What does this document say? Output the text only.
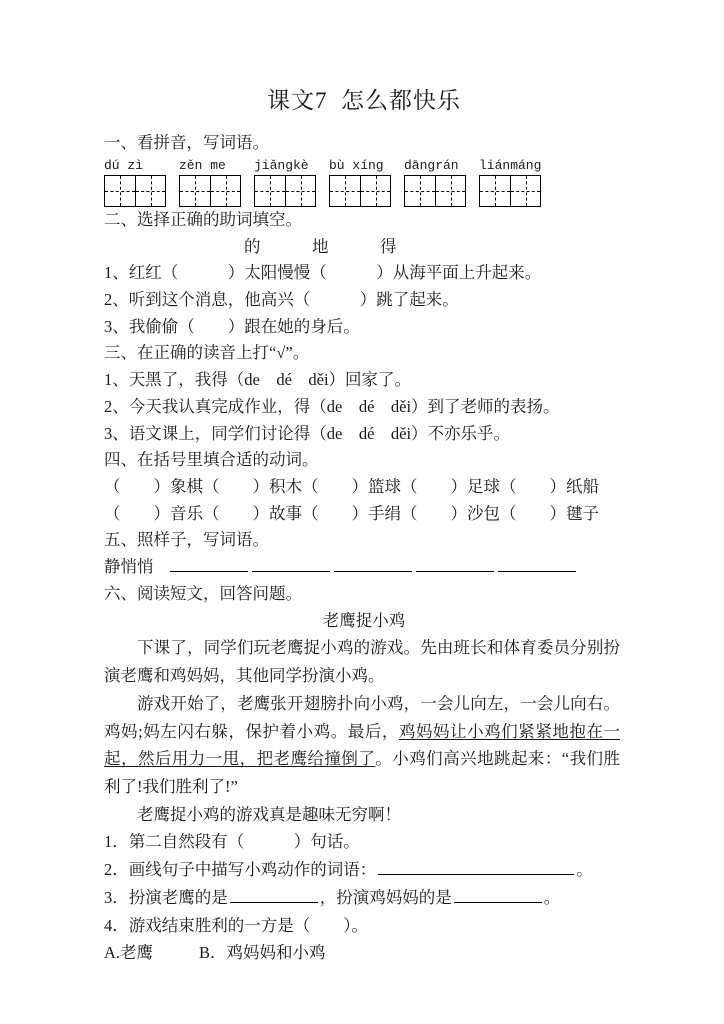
课文7 怎么都快乐
一、看拼音，写词语。
dú zì	zěn me jiǎngkè bù xíng dāngrán liánmáng
二、选择正确的助词填空。
的	地	得
1、红红（　　　）太阳慢慢（　　　）从海平面上升起来。
2、听到这个消息，他高兴（　　　）跳了起来。
3、我偷偷（　　）跟在她的身后。
三、在正确的读音上打“√”。
1、天黑了，我得（de　dé　děi）回家了。
2、今天我认真完成作业，得（de　dé　děi）到了老师的表扬。
3、语文课上，同学们讨论得（de　dé　děi）不亦乐乎。
四、在括号里填合适的动词。
（　　）象棋（　　）积木（　　）篮球（　　）足球（　　）纸船
（　　）音乐（　　）故事（　　）手绢（　　）沙包（　　）毽子
五、照样子，写词语。
静悄悄
六、阅读短文，回答问题。
老鹰捉小鸡
下课了，同学们玩老鹰捉小鸡的游戏。先由班长和体育委员分别扮演老鹰和鸡妈妈，其他同学扮演小鸡。
游戏开始了，老鹰张开翅膀扑向小鸡，一会儿向左，一会儿向右。鸡妈;妈左闪右躲，保护着小鸡。最后，鸡妈妈让小鸡们紧紧地抱在一起，然后用力一甩，把老鹰给撞倒了。小鸡们高兴地跳起来：“我们胜利了!我们胜利了!”
老鹰捉小鸡的游戏真是趣味无穷啊！
1．第二自然段有（　　　）句话。
2．画线句子中描写小鸡动作的词语：	。
3．扮演老鹰的是	，扮演鸡妈妈的是	。
4．游戏结束胜利的一方是（　　）。
A.老鹰	B．鸡妈妈和小鸡
